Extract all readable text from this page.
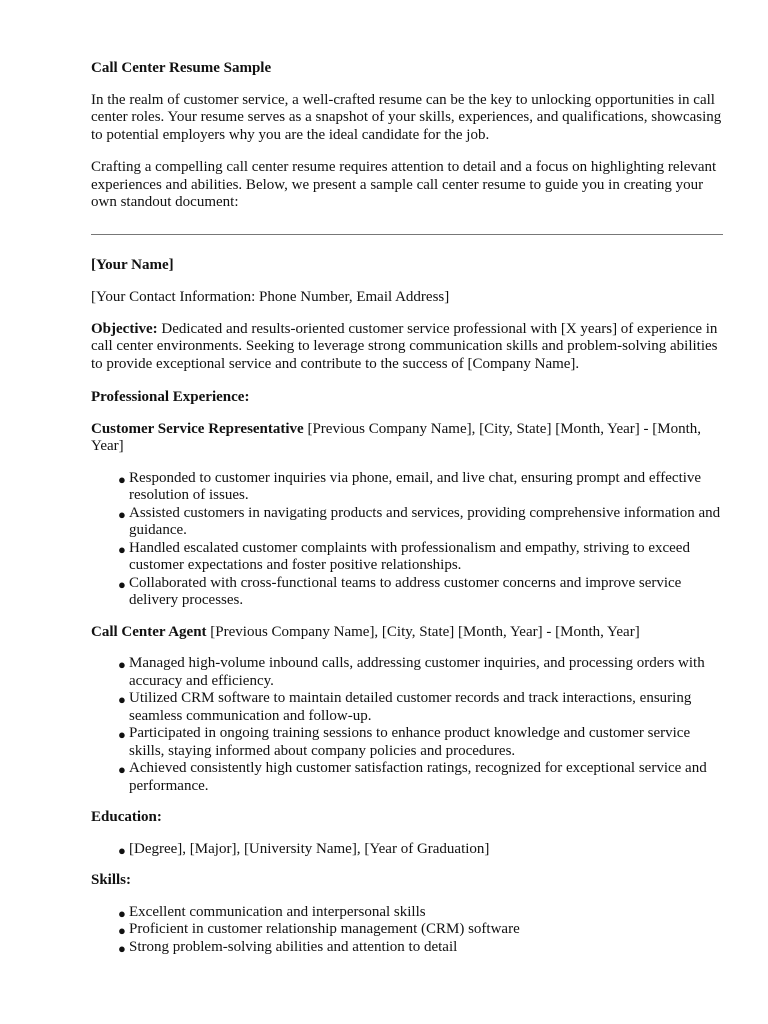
Call Center Resume Sample

In the realm of customer service, a well-crafted resume can be the key to unlocking opportunities in call center roles. Your resume serves as a snapshot of your skills, experiences, and qualifications, showcasing to potential employers why you are the ideal candidate for the job.

Crafting a compelling call center resume requires attention to detail and a focus on highlighting relevant experiences and abilities. Below, we present a sample call center resume to guide you in creating your own standout document:

[Your Name]

[Your Contact Information: Phone Number, Email Address]

Objective: Dedicated and results-oriented customer service professional with [X years] of experience in call center environments. Seeking to leverage strong communication skills and problem-solving abilities to provide exceptional service and contribute to the success of [Company Name].

Professional Experience:

Customer Service Representative [Previous Company Name], [City, State] [Month, Year] - [Month, Year]

● Responded to customer inquiries via phone, email, and live chat, ensuring prompt and effective resolution of issues.
● Assisted customers in navigating products and services, providing comprehensive information and guidance.
● Handled escalated customer complaints with professionalism and empathy, striving to exceed customer expectations and foster positive relationships.
● Collaborated with cross-functional teams to address customer concerns and improve service delivery processes.

Call Center Agent [Previous Company Name], [City, State] [Month, Year] - [Month, Year]

● Managed high-volume inbound calls, addressing customer inquiries, and processing orders with accuracy and efficiency.
● Utilized CRM software to maintain detailed customer records and track interactions, ensuring seamless communication and follow-up.
● Participated in ongoing training sessions to enhance product knowledge and customer service skills, staying informed about company policies and procedures.
● Achieved consistently high customer satisfaction ratings, recognized for exceptional service and performance.

Education:

● [Degree], [Major], [University Name], [Year of Graduation]

Skills:

● Excellent communication and interpersonal skills
● Proficient in customer relationship management (CRM) software
● Strong problem-solving abilities and attention to detail
